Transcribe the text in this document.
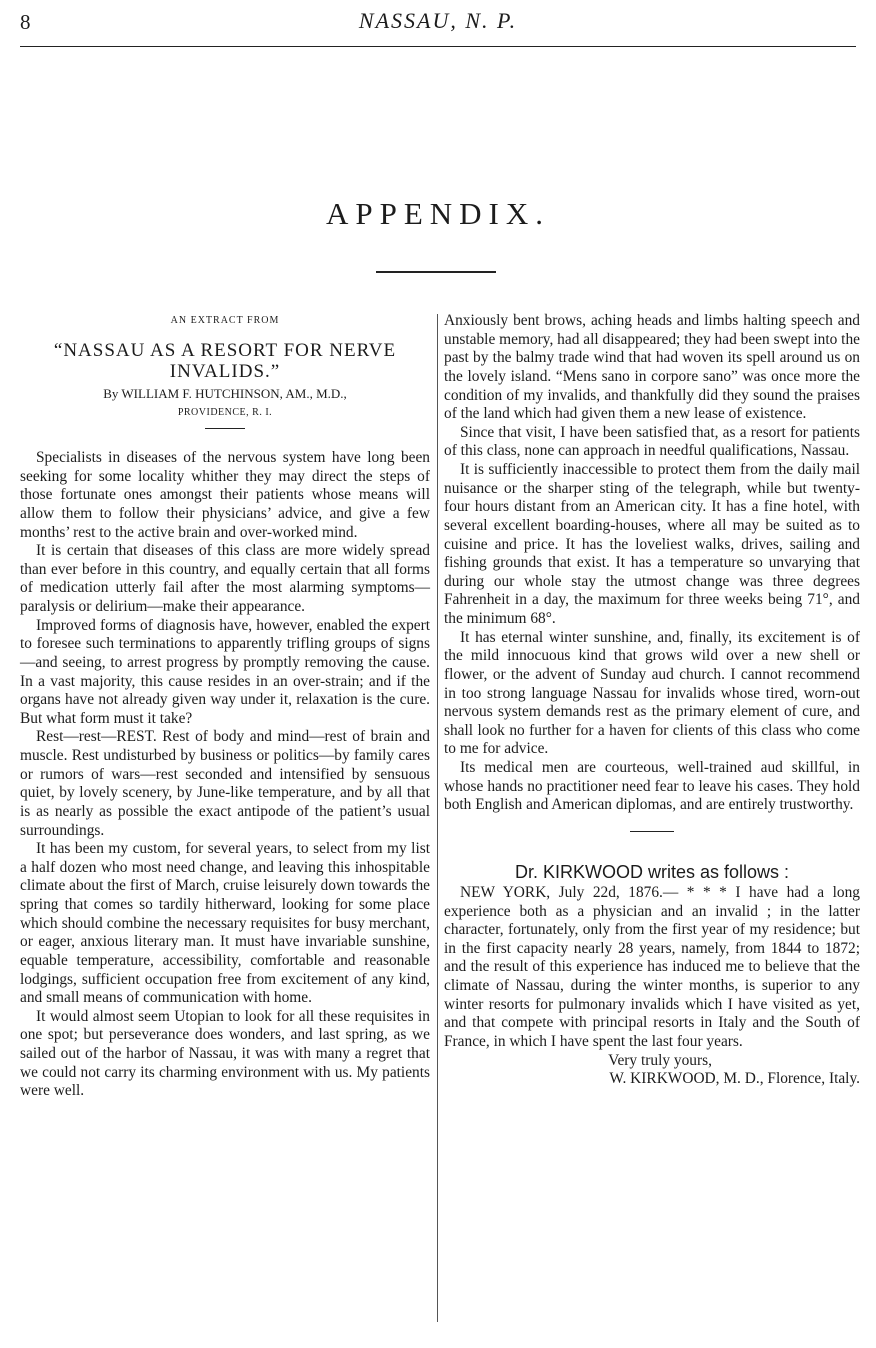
8	NASSAU, N. P.
APPENDIX.

AN EXTRACT FROM

“NASSAU AS A RESORT FOR NERVE INVALIDS.”

By WILLIAM F. HUTCHINSON, AM., M.D.,

PROVIDENCE, R. I.

Specialists in diseases of the nervous system have long been seeking for some locality whither they may direct the steps of those fortunate ones amongst their patients whose means will allow them to follow their physicians’ advice, and give a few months’ rest to the active brain and over-worked mind.

It is certain that diseases of this class are more widely spread than ever before in this country, and equally certain that all forms of medication utterly fail after the most alarming symptoms—paralysis or delirium—make their appearance.

Improved forms of diagnosis have, however, enabled the expert to foresee such terminations to apparently trifling groups of signs—and seeing, to arrest progress by promptly removing the cause. In a vast majority, this cause resides in an over-strain; and if the organs have not already given way under it, relaxation is the cure. But what form must it take?

Rest—rest—REST. Rest of body and mind—rest of brain and muscle. Rest undisturbed by business or politics—by family cares or rumors of wars—rest seconded and intensified by sensuous quiet, by lovely scenery, by June-like temperature, and by all that is as nearly as possible the exact antipode of the patient’s usual surroundings.

It has been my custom, for several years, to select from my list a half dozen who most need change, and leaving this inhospitable climate about the first of March, cruise leisurely down towards the spring that comes so tardily hitherward, looking for some place which should combine the necessary requisites for busy merchant, or eager, anxious literary man. It must have invariable sunshine, equable temperature, accessibility, comfortable and reasonable lodgings, sufficient occupation free from excitement of any kind, and small means of communication with home.

It would almost seem Utopian to look for all these requisites in one spot; but perseverance does wonders, and last spring, as we sailed out of the harbor of Nassau, it was with many a regret that we could not carry its charming environment with us. My patients were well.

Anxiously bent brows, aching heads and limbs halting speech and unstable memory, had all disappeared; they had been swept into the past by the balmy trade wind that had woven its spell around us on the lovely island. “Mens sano in corpore sano” was once more the condition of my invalids, and thankfully did they sound the praises of the land which had given them a new lease of existence.

Since that visit, I have been satisfied that, as a resort for patients of this class, none can approach in needful qualifications, Nassau.

It is sufficiently inaccessible to protect them from the daily mail nuisance or the sharper sting of the telegraph, while but twenty-four hours distant from an American city. It has a fine hotel, with several excellent boarding-houses, where all may be suited as to cuisine and price. It has the loveliest walks, drives, sailing and fishing grounds that exist. It has a temperature so unvarying that during our whole stay the utmost change was three degrees Fahrenheit in a day, the maximum for three weeks being 71°, and the minimum 68°.

It has eternal winter sunshine, and, finally, its excitement is of the mild innocuous kind that grows wild over a new shell or flower, or the advent of Sunday aud church. I cannot recommend in too strong language Nassau for invalids whose tired, worn-out nervous system demands rest as the primary element of cure, and shall look no further for a haven for clients of this class who come to me for advice.

Its medical men are courteous, well-trained aud skillful, in whose hands no practitioner need fear to leave his cases. They hold both English and American diplomas, and are entirely trustworthy.

Dr. KIRKWOOD writes as follows :

NEW YORK, July 22d, 1876.— * * * I have had a long experience both as a physician and an invalid ; in the latter character, fortunately, only from the first year of my residence; but in the first capacity nearly 28 years, namely, from 1844 to 1872; and the result of this experience has induced me to believe that the climate of Nassau, during the winter months, is superior to any winter resorts for pulmonary invalids which I have visited as yet, and that compete with principal resorts in Italy and the South of France, in which I have spent the last four years.

Very truly yours,

W. KIRKWOOD, M. D., Florence, Italy.
